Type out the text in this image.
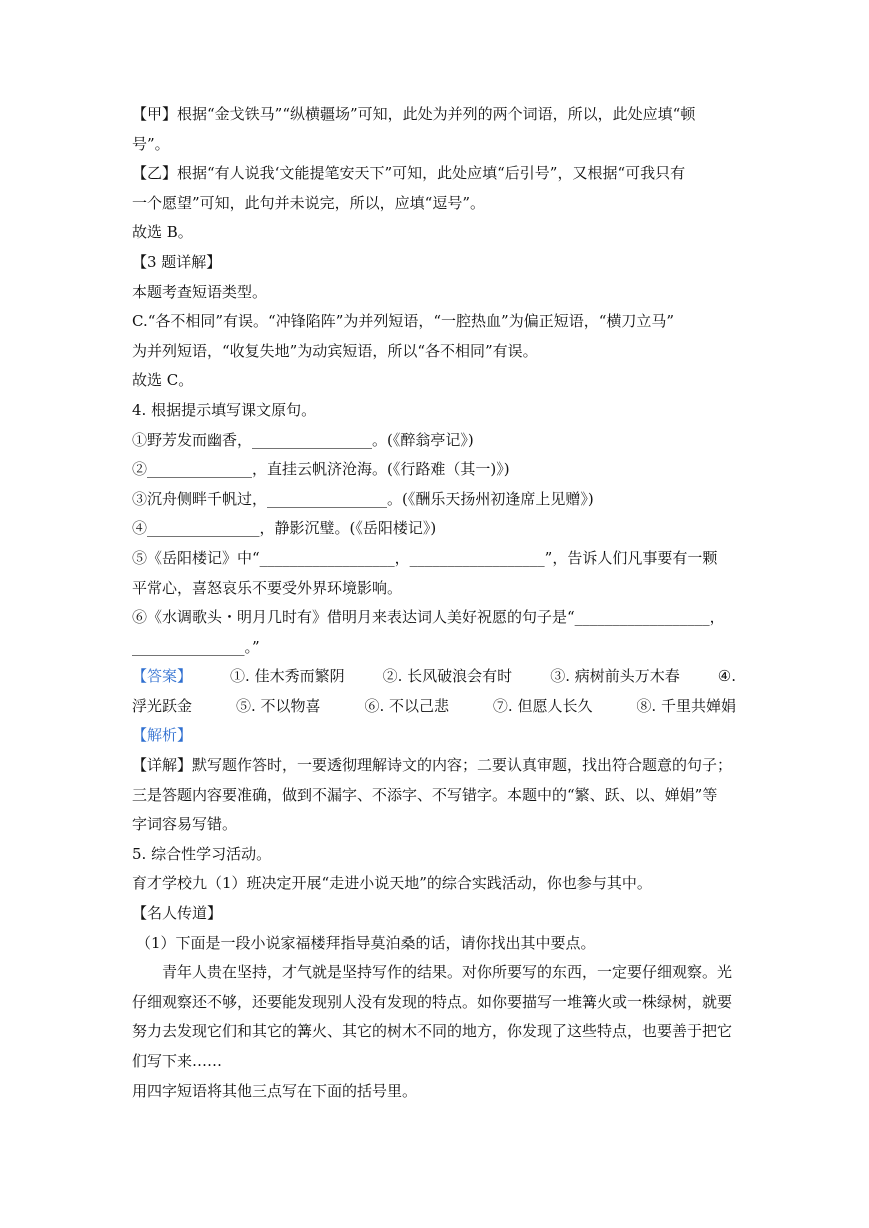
【甲】根据“金戈铁马”“纵横疆场”可知，此处为并列的两个词语，所以，此处应填“顿
号”。
【乙】根据“有人说我‘文能提笔安天下”可知，此处应填“后引号”，又根据“可我只有
一个愿望”可知，此句并未说完，所以，应填“逗号”。
故选 B。
【3 题详解】
本题考查短语类型。
C.“各不相同”有误。“冲锋陷阵”为并列短语，“一腔热血”为偏正短语，“横刀立马”
为并列短语，“收复失地”为动宾短语，所以“各不相同”有误。
故选 C。
4. 根据提示填写课文原句。
①野芳发而幽香，________________。(《醉翁亭记》)
②______________，直挂云帆济沧海。(《行路难（其一)》)
③沉舟侧畔千帆过，________________。(《酬乐天扬州初逢席上见赠》)
④_______________，静影沉璧。(《岳阳楼记》)
⑤《岳阳楼记》中“__________________，__________________”，告诉人们凡事要有一颗
平常心，喜怒哀乐不要受外界环境影响。
⑥《水调歌头・明月几时有》借明月来表达词人美好祝愿的句子是“__________________，
_______________。”
【答案】	①. 佳木秀而繁阴	②. 长风破浪会有时	③. 病树前头万木春	④.
浮光跃金	⑤. 不以物喜	⑥. 不以己悲	⑦. 但愿人长久	⑧. 千里共婵娟
【解析】
【详解】默写题作答时，一要透彻理解诗文的内容；二要认真审题，找出符合题意的句子；
三是答题内容要准确，做到不漏字、不添字、不写错字。本题中的“繁、跃、以、婵娟”等
字词容易写错。
5. 综合性学习活动。
育才学校九（1）班决定开展“走进小说天地”的综合实践活动，你也参与其中。
【名人传道】
（1）下面是一段小说家福楼拜指导莫泊桑的话，请你找出其中要点。
青年人贵在坚持，才气就是坚持写作的结果。对你所要写的东西，一定要仔细观察。光
仔细观察还不够，还要能发现别人没有发现的特点。如你要描写一堆篝火或一株绿树，就要
努力去发现它们和其它的篝火、其它的树木不同的地方，你发现了这些特点，也要善于把它
们写下来……
用四字短语将其他三点写在下面的括号里。
